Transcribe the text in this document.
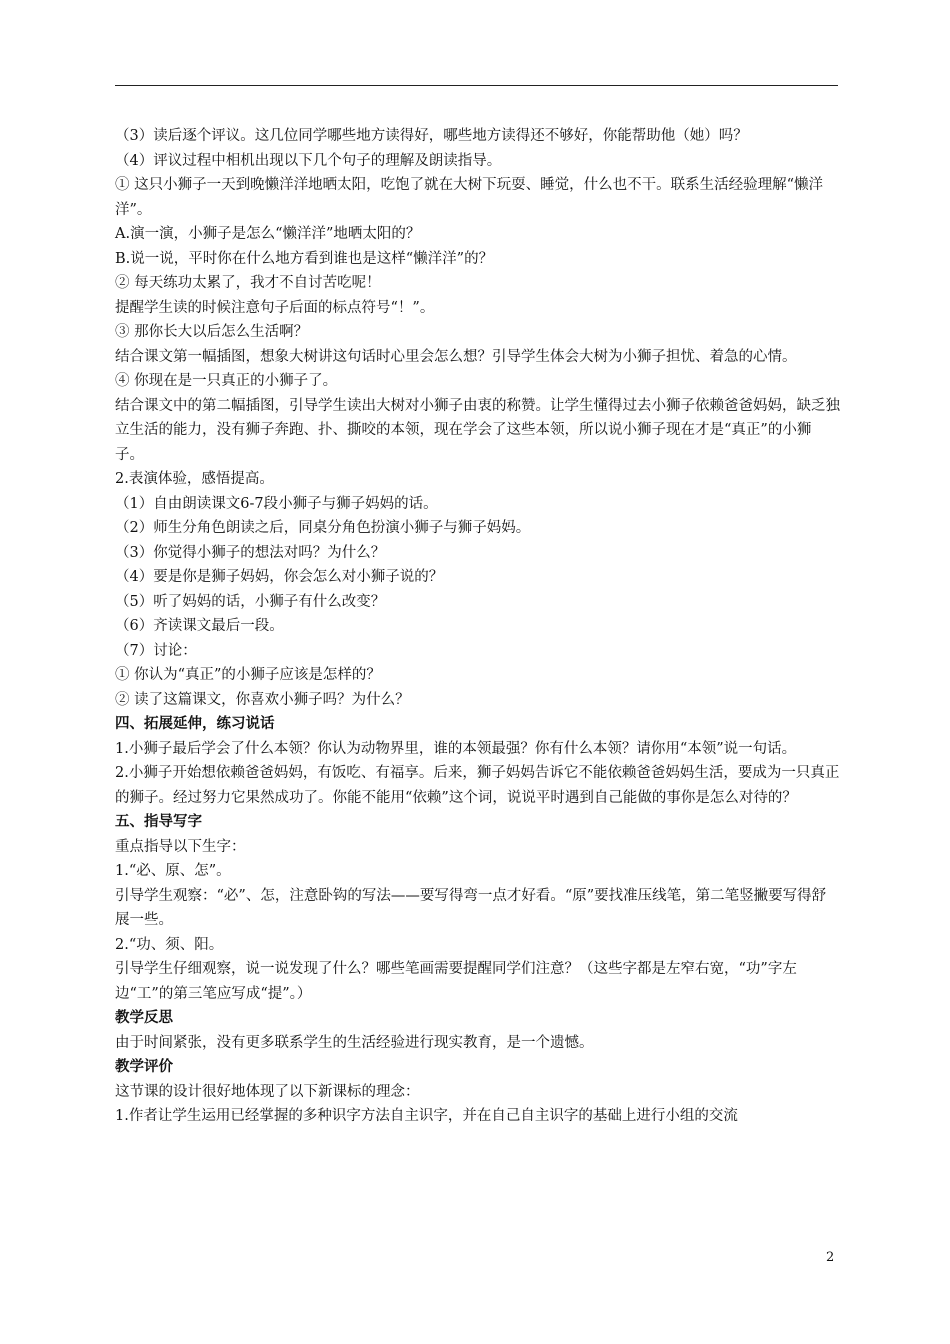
（3）读后逐个评议。这几位同学哪些地方读得好，哪些地方读得还不够好，你能帮助他（她）吗？

（4）评议过程中相机出现以下几个句子的理解及朗读指导。

① 这只小狮子一天到晚懒洋洋地晒太阳，吃饱了就在大树下玩耍、睡觉，什么也不干。联系生活经验理解“懒洋洋”。

A.演一演，小狮子是怎么“懒洋洋”地晒太阳的？

B.说一说，平时你在什么地方看到谁也是这样“懒洋洋”的？

② 每天练功太累了，我才不自讨苦吃呢！

提醒学生读的时候注意句子后面的标点符号“！”。

③ 那你长大以后怎么生活啊？

结合课文第一幅插图，想象大树讲这句话时心里会怎么想？引导学生体会大树为小狮子担忧、着急的心情。

④ 你现在是一只真正的小狮子了。

结合课文中的第二幅插图，引导学生读出大树对小狮子由衷的称赞。让学生懂得过去小狮子依赖爸爸妈妈，缺乏独立生活的能力，没有狮子奔跑、扑、撕咬的本领，现在学会了这些本领，所以说小狮子现在才是“真正”的小狮子。

2.表演体验，感悟提高。

（1）自由朗读课文6-7段小狮子与狮子妈妈的话。

（2）师生分角色朗读之后，同桌分角色扮演小狮子与狮子妈妈。

（3）你觉得小狮子的想法对吗？为什么？

（4）要是你是狮子妈妈，你会怎么对小狮子说的？

（5）听了妈妈的话，小狮子有什么改变？

（6）齐读课文最后一段。

（7）讨论：

① 你认为“真正”的小狮子应该是怎样的？

② 读了这篇课文，你喜欢小狮子吗？为什么？

四、拓展延伸，练习说话

1.小狮子最后学会了什么本领？你认为动物界里，谁的本领最强？你有什么本领？请你用“本领”说一句话。

2.小狮子开始想依赖爸爸妈妈，有饭吃、有福享。后来，狮子妈妈告诉它不能依赖爸爸妈妈生活，要成为一只真正的狮子。经过努力它果然成功了。你能不能用“依赖”这个词，说说平时遇到自己能做的事你是怎么对待的？

五、指导写字

重点指导以下生字：

1.“必、原、怎”。

引导学生观察：“必”、怎，注意卧钩的写法——要写得弯一点才好看。“原”要找准压线笔，第二笔竖撇要写得舒展一些。

2.“功、须、阳。

引导学生仔细观察，说一说发现了什么？哪些笔画需要提醒同学们注意？（这些字都是左窄右宽，“功”字左边“工”的第三笔应写成“提”。）

教学反思

由于时间紧张，没有更多联系学生的生活经验进行现实教育，是一个遗憾。

教学评价

这节课的设计很好地体现了以下新课标的理念：

1.作者让学生运用已经掌握的多种识字方法自主识字，并在自己自主识字的基础上进行小组的交流

2
